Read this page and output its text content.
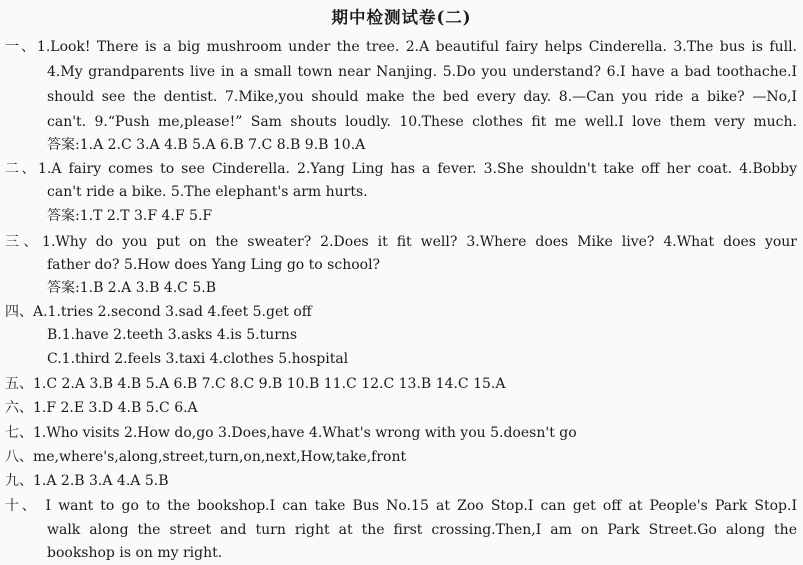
期中检测试卷(二)
一、1.Look! There is a big mushroom under the tree. 2.A beautiful fairy helps Cinderella. 3.The bus is full.
4.My grandparents live in a small town near Nanjing. 5.Do you understand? 6.I have a bad toothache.I
should see the dentist. 7.Mike,you should make the bed every day. 8.—Can you ride a bike? —No,I
can't. 9.“Push me,please!” Sam shouts loudly. 10.These clothes fit me well.I love them very much.
答案:1.A 2.C 3.A 4.B 5.A 6.B 7.C 8.B 9.B 10.A
二、1.A fairy comes to see Cinderella. 2.Yang Ling has a fever. 3.She shouldn't take off her coat. 4.Bobby
can't ride a bike. 5.The elephant's arm hurts.
答案:1.T 2.T 3.F 4.F 5.F
三、1.Why do you put on the sweater? 2.Does it fit well? 3.Where does Mike live? 4.What does your
father do? 5.How does Yang Ling go to school?
答案:1.B 2.A 3.B 4.C 5.B
四、A.1.tries 2.second 3.sad 4.feet 5.get off
B.1.have 2.teeth 3.asks 4.is 5.turns
C.1.third 2.feels 3.taxi 4.clothes 5.hospital
五、1.C 2.A 3.B 4.B 5.A 6.B 7.C 8.C 9.B 10.B 11.C 12.C 13.B 14.C 15.A
六、1.F 2.E 3.D 4.B 5.C 6.A
七、1.Who visits 2.How do,go 3.Does,have 4.What's wrong with you 5.doesn't go
八、me,where's,along,street,turn,on,next,How,take,front
九、1.A 2.B 3.A 4.A 5.B
十、 I want to go to the bookshop.I can take Bus No.15 at Zoo Stop.I can get off at People's Park Stop.I
walk along the street and turn right at the first crossing.Then,I am on Park Street.Go along the
bookshop is on my right.
